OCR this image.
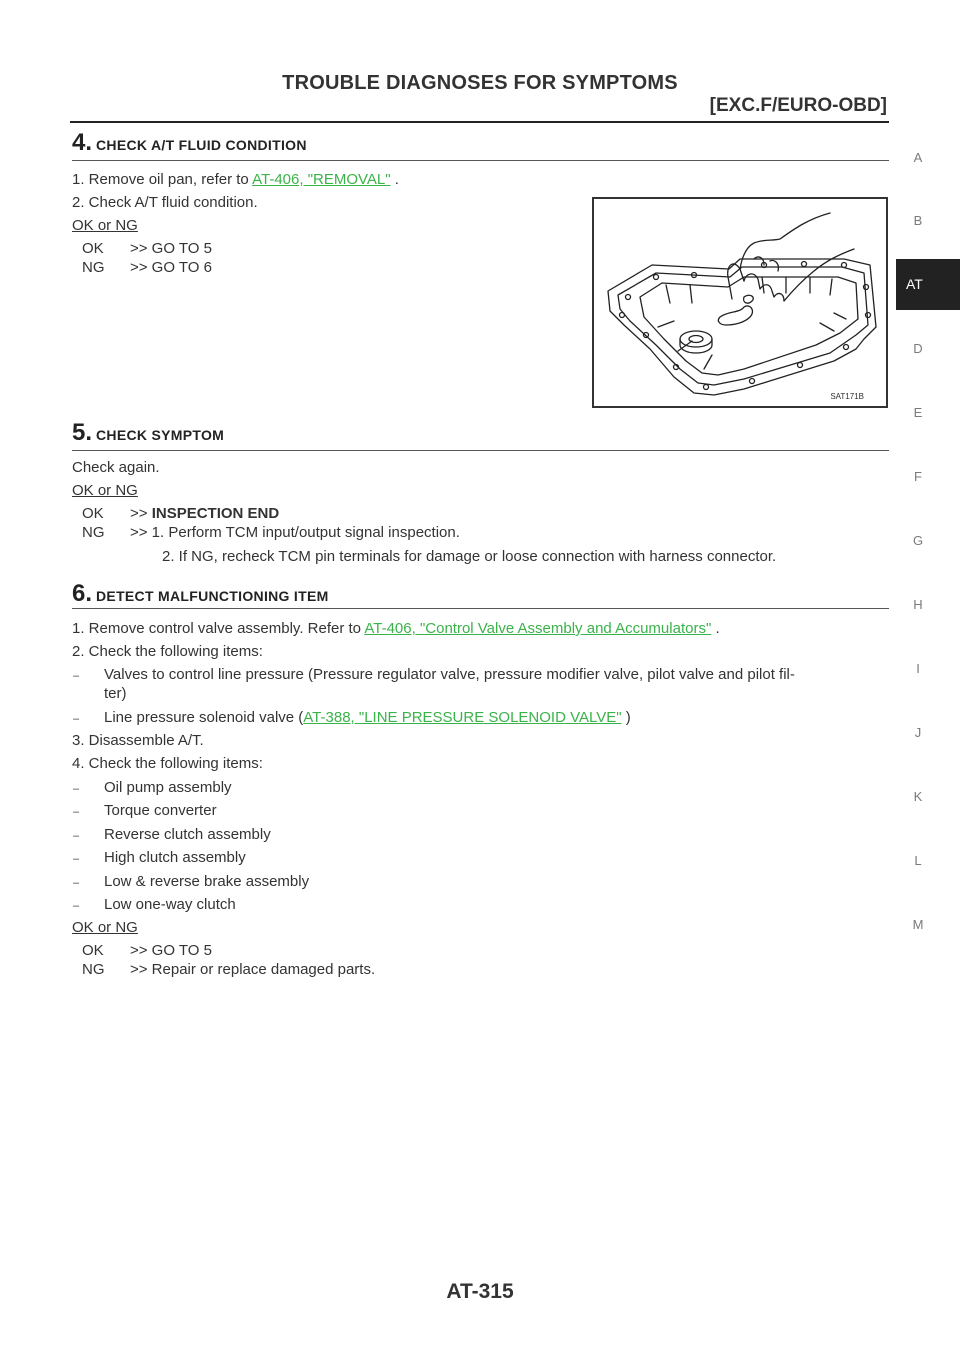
TROUBLE DIAGNOSES FOR SYMPTOMS
[EXC.F/EURO-OBD]
A
B
AT
D
E
F
G
H
I
J
K
L
M
4. CHECK A/T FLUID CONDITION
1. Remove oil pan, refer to AT-406, "REMOVAL" .
2. Check A/T fluid condition.
OK or NG
OK >> GO TO 5
NG >> GO TO 6
SAT171B
5. CHECK SYMPTOM
Check again.
OK or NG
OK >> INSPECTION END
NG >> 1. Perform TCM input/output signal inspection.
2. If NG, recheck TCM pin terminals for damage or loose connection with harness connector.
6. DETECT MALFUNCTIONING ITEM
1. Remove control valve assembly. Refer to AT-406, "Control Valve Assembly and Accumulators" .
2. Check the following items:
– Valves to control line pressure (Pressure regulator valve, pressure modifier valve, pilot valve and pilot fil-
ter)
– Line pressure solenoid valve (AT-388, "LINE PRESSURE SOLENOID VALVE" )
3. Disassemble A/T.
4. Check the following items:
– Oil pump assembly
– Torque converter
– Reverse clutch assembly
– High clutch assembly
– Low & reverse brake assembly
– Low one-way clutch
OK or NG
OK >> GO TO 5
NG >> Repair or replace damaged parts.
AT-315
